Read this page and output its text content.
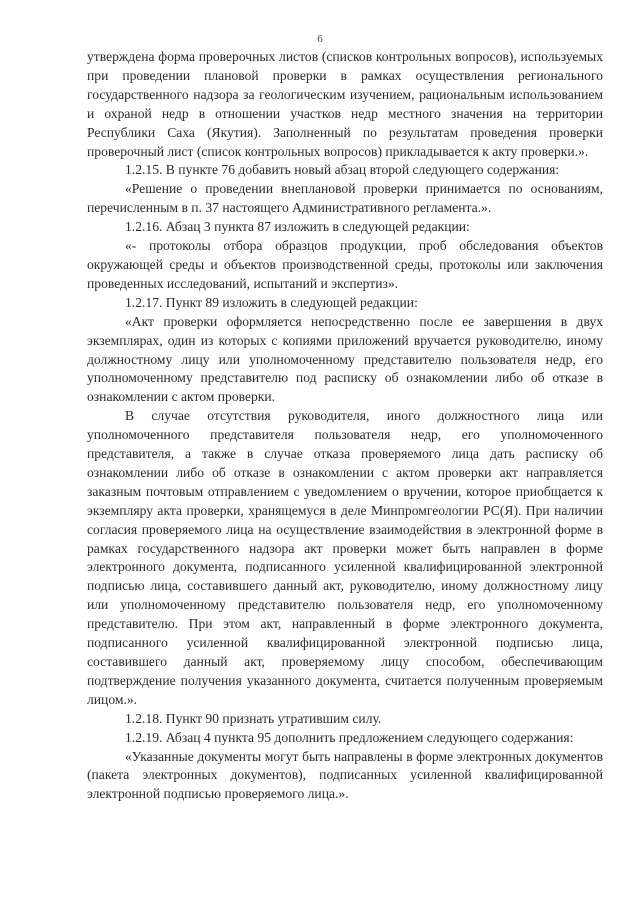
6

утверждена форма проверочных листов (списков контрольных вопросов), используемых при проведении плановой проверки в рамках осуществления регионального государственного надзора за геологическим изучением, рациональным использованием и охраной недр в отношении участков недр местного значения на территории Республики Саха (Якутия). Заполненный по результатам проведения проверки проверочный лист (список контрольных вопросов) прикладывается к акту проверки.».

1.2.15. В пункте 76 добавить новый абзац второй следующего содержания:

«Решение о проведении внеплановой проверки принимается по основаниям, перечисленным в п. 37 настоящего Административного регламента.».

1.2.16. Абзац 3 пункта 87 изложить в следующей редакции:

«- протоколы отбора образцов продукции, проб обследования объектов окружающей среды и объектов производственной среды, протоколы или заключения проведенных исследований, испытаний и экспертиз».

1.2.17. Пункт 89 изложить в следующей редакции:

«Акт проверки оформляется непосредственно после ее завершения в двух экземплярах, один из которых с копиями приложений вручается руководителю, иному должностному лицу или уполномоченному представителю пользователя недр, его уполномоченному представителю под расписку об ознакомлении либо об отказе в ознакомлении с актом проверки.

В случае отсутствия руководителя, иного должностного лица или уполномоченного представителя пользователя недр, его уполномоченного представителя, а также в случае отказа проверяемого лица дать расписку об ознакомлении либо об отказе в ознакомлении с актом проверки акт направляется заказным почтовым отправлением с уведомлением о вручении, которое приобщается к экземпляру акта проверки, хранящемуся в деле Минпромгеологии РС(Я). При наличии согласия проверяемого лица на осуществление взаимодействия в электронной форме в рамках государственного надзора акт проверки может быть направлен в форме электронного документа, подписанного усиленной квалифицированной электронной подписью лица, составившего данный акт, руководителю, иному должностному лицу или уполномоченному представителю пользователя недр, его уполномоченному представителю. При этом акт, направленный в форме электронного документа, подписанного усиленной квалифицированной электронной подписью лица, составившего данный акт, проверяемому лицу способом, обеспечивающим подтверждение получения указанного документа, считается полученным проверяемым лицом.».

1.2.18. Пункт 90 признать утратившим силу.

1.2.19. Абзац 4 пункта 95 дополнить предложением следующего содержания:

«Указанные документы могут быть направлены в форме электронных документов (пакета электронных документов), подписанных усиленной квалифицированной электронной подписью проверяемого лица.».
